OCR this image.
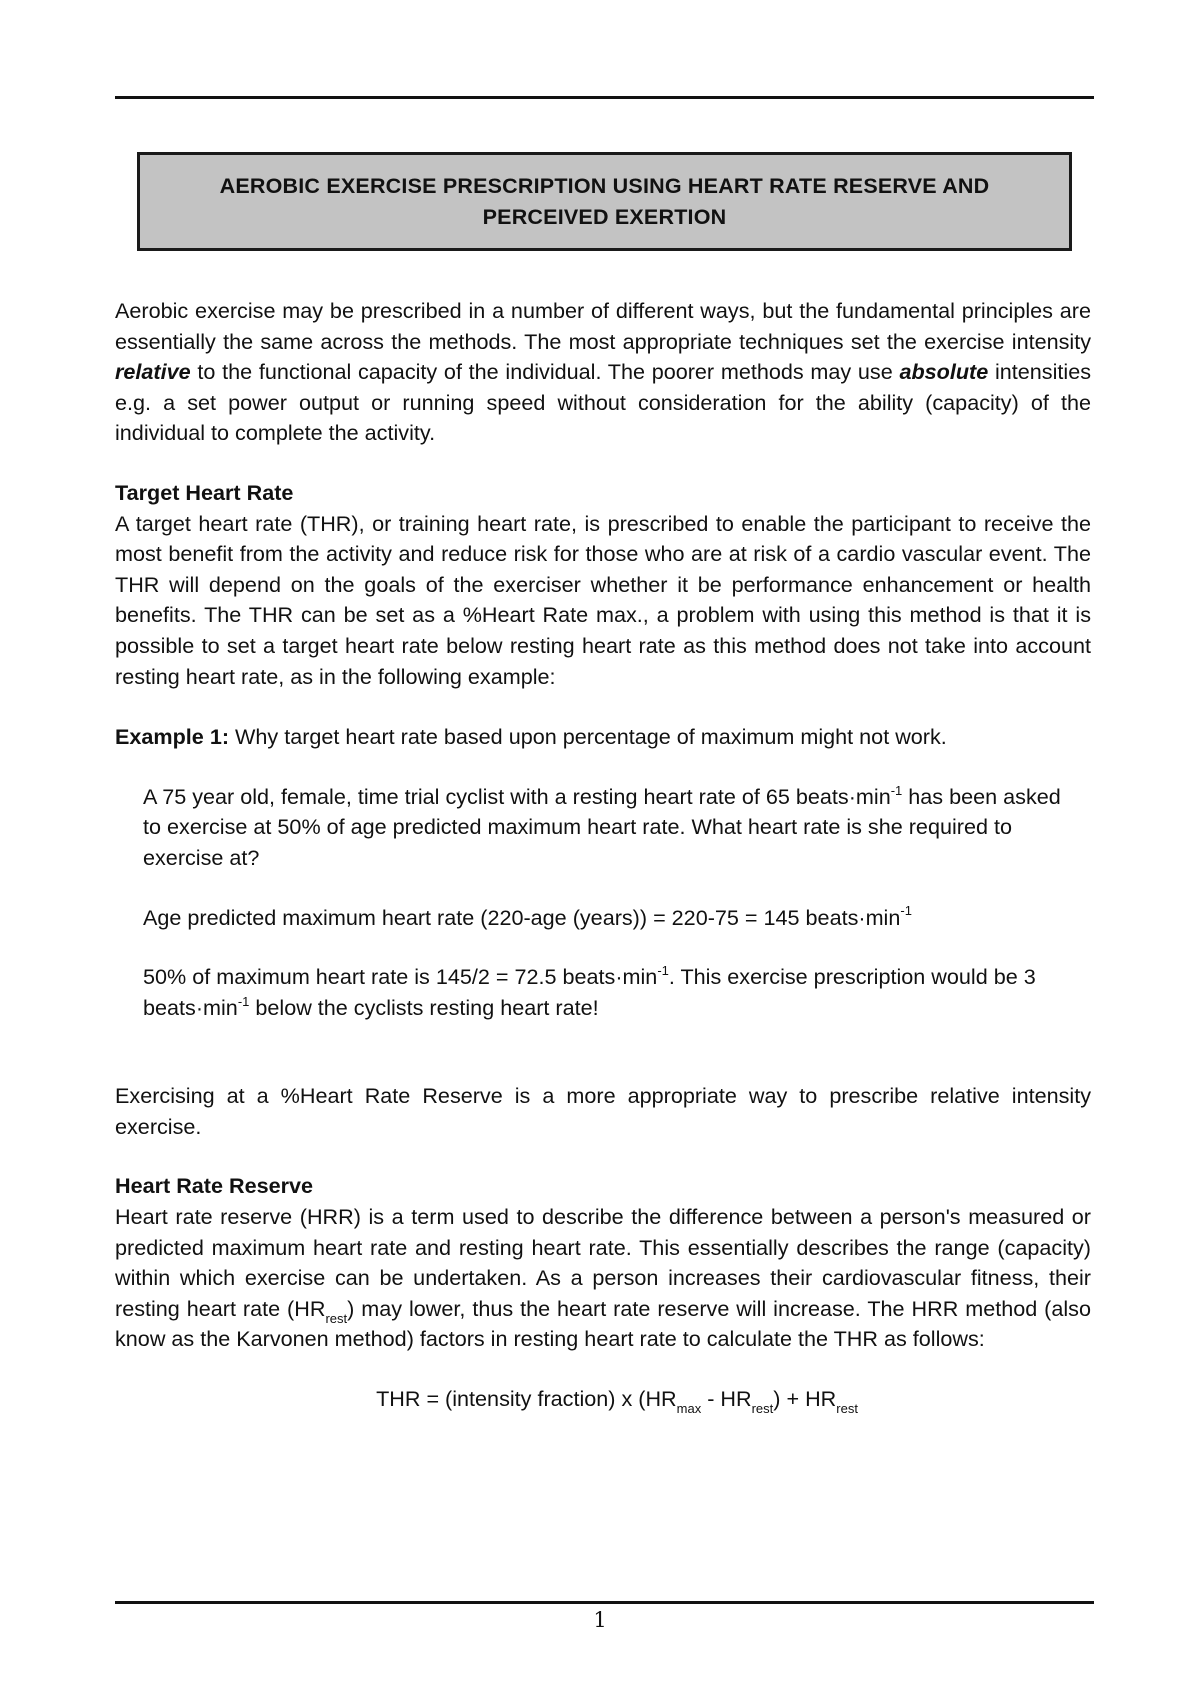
AEROBIC EXERCISE PRESCRIPTION USING HEART RATE RESERVE AND
PERCEIVED EXERTION

Aerobic exercise may be prescribed in a number of different ways, but the fundamental principles are essentially the same across the methods. The most appropriate techniques set the exercise intensity relative to the functional capacity of the individual. The poorer methods may use absolute intensities e.g. a set power output or running speed without consideration for the ability (capacity) of the individual to complete the activity.

Target Heart Rate

A target heart rate (THR), or training heart rate, is prescribed to enable the participant to receive the most benefit from the activity and reduce risk for those who are at risk of a cardio vascular event. The THR will depend on the goals of the exerciser whether it be performance enhancement or health benefits. The THR can be set as a %Heart Rate max., a problem with using this method is that it is possible to set a target heart rate below resting heart rate as this method does not take into account resting heart rate, as in the following example:

Example 1: Why target heart rate based upon percentage of maximum might not work.

A 75 year old, female, time trial cyclist with a resting heart rate of 65 $beats\cdot\min^{-1}$ has been asked to exercise at 50% of age predicted maximum heart rate. What heart rate is she required to exercise at?

Age predicted maximum heart rate (220-age (years)) = 220-75 = 145 $beats\cdot\min^{-1}$

50% of maximum heart rate is 145/2 = 72.5 $beats\cdot\min^{-1}$. This exercise prescription would be 3 $beats\cdot\min^{-1}$ below the cyclists resting heart rate!

Exercising at a %Heart Rate Reserve is a more appropriate way to prescribe relative intensity exercise.

Heart Rate Reserve

Heart rate reserve (HRR) is a term used to describe the difference between a person's measured or predicted maximum heart rate and resting heart rate. This essentially describes the range (capacity) within which exercise can be undertaken. As a person increases their cardiovascular fitness, their resting heart rate $(HR_{rest})$ may lower, thus the heart rate reserve will increase. The HRR method (also know as the Karvonen method) factors in resting heart rate to calculate the THR as follows:

THR = (intensity fraction) x $(HR_{max} - HR_{rest}) + HR_{rest}$

1
